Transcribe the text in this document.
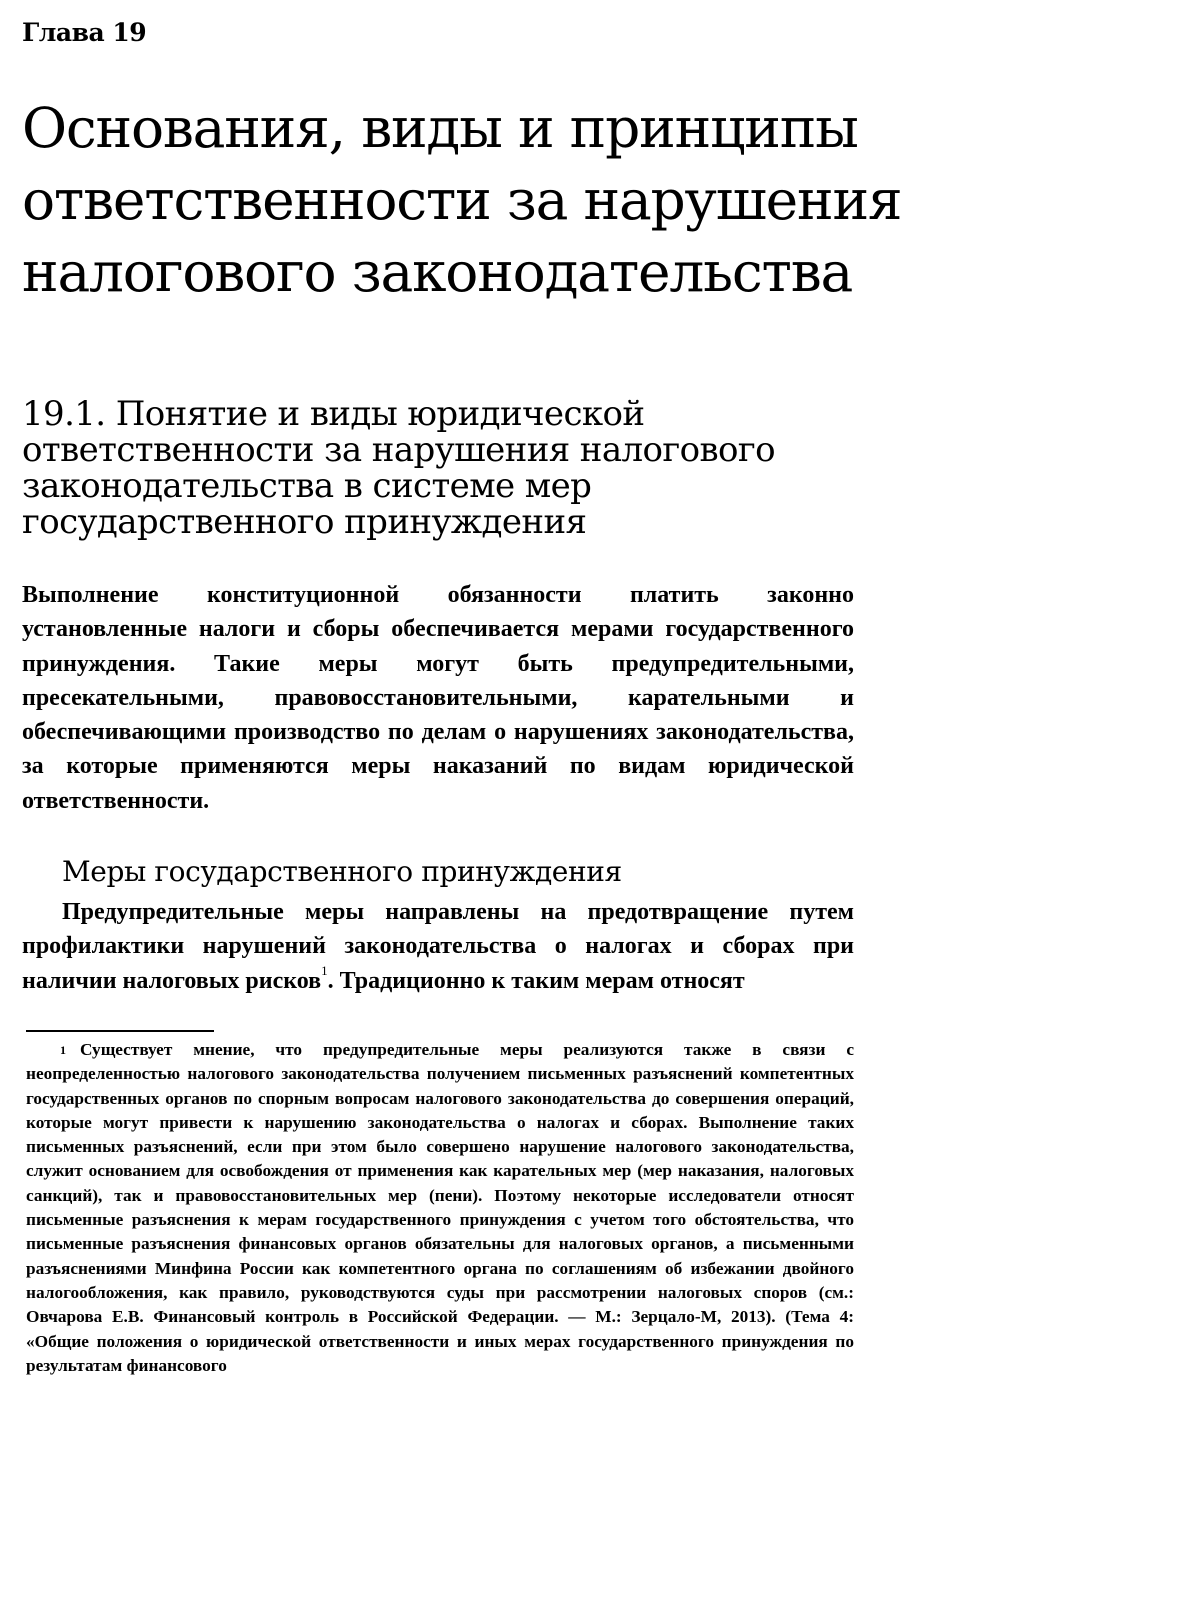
Глава 19
Основания, виды и принципы ответственности за нарушения налогового законодательства
19.1. Понятие и виды юридической ответственности за нарушения налогового законодательства в системе мер государственного принуждения

Выполнение конституционной обязанности платить законно установленные налоги и сборы обеспечивается мерами государственного принуждения. Такие меры могут быть предупредительными, пресекательными, правовосстановительными, карательными и обеспечивающими производство по делам о нарушениях законодательства, за которые применяются меры наказаний по видам юридической ответственности.

Меры государственного принуждения

Предупредительные меры направлены на предотвращение путем профилактики нарушений законодательства о налогах и сборах при наличии налоговых рисков$^1$. Традиционно к таким мерам относят

$^1$ Существует мнение, что предупредительные меры реализуются также в связи с неопределенностью налогового законодательства получением письменных разъяснений компетентных государственных органов по спорным вопросам налогового законодательства до совершения операций, которые могут привести к нарушению законодательства о налогах и сборах. Выполнение таких письменных разъяснений, если при этом было совершено нарушение налогового законодательства, служит основанием для освобождения от применения как карательных мер (мер наказания, налоговых санкций), так и правовосстановительных мер (пени). Поэтому некоторые исследователи относят письменные разъяснения к мерам государственного принуждения с учетом того обстоятельства, что письменные разъяснения финансовых органов обязательны для налоговых органов, а письменными разъяснениями Минфина России как компетентного органа по соглашениям об избежании двойного налогообложения, как правило, руководствуются суды при рассмотрении налоговых споров (см.: Овчарова Е.В. Финансовый контроль в Российской Федерации. — М.: Зерцало-М, 2013). (Тема 4: «Общие положения о юридической ответственности и иных мерах государственного принуждения по результатам финансового
